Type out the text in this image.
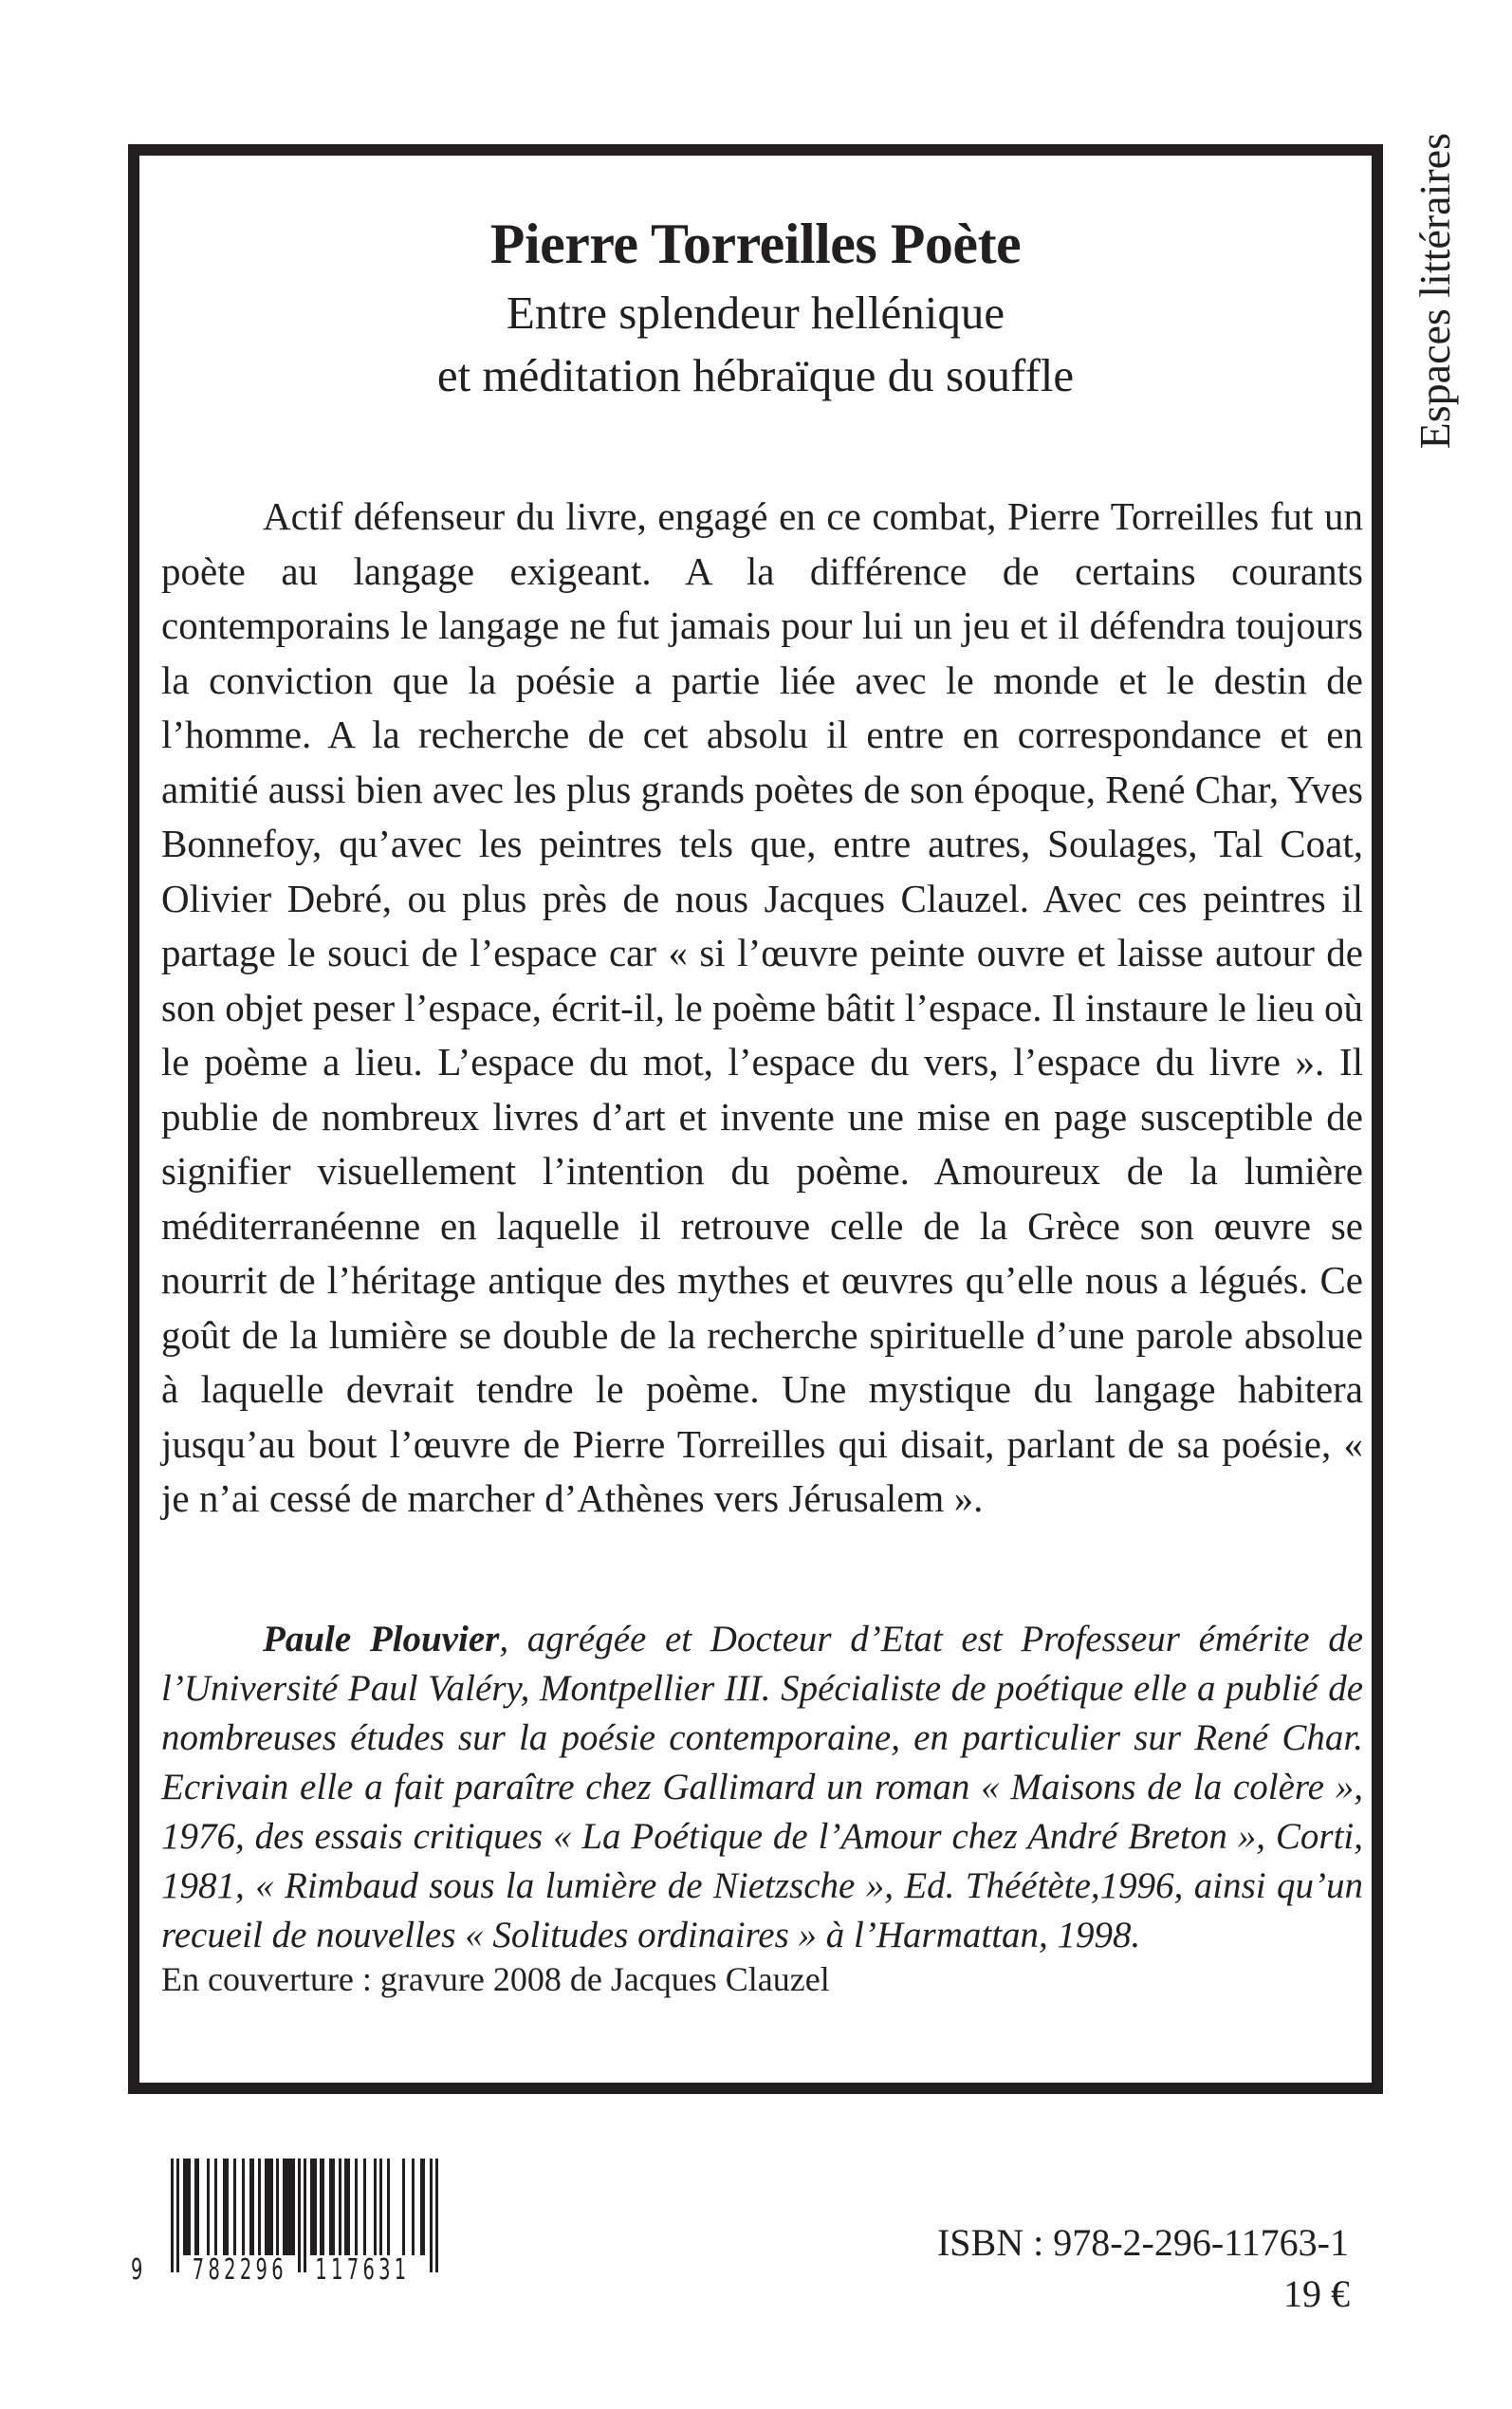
Espaces littéraires
Pierre Torreilles Poète
Entre splendeur hellénique
et méditation hébraïque du souffle
Actif défenseur du livre, engagé en ce combat, Pierre Torreilles fut un poète au langage exigeant. A la différence de certains courants contemporains le langage ne fut jamais pour lui un jeu et il défendra toujours la conviction que la poésie a partie liée avec le monde et le destin de l’homme. A la recherche de cet absolu il entre en correspondance et en amitié aussi bien avec les plus grands poètes de son époque, René Char, Yves Bonnefoy, qu’avec les peintres tels que, entre autres, Soulages, Tal Coat, Olivier Debré, ou plus près de nous Jacques Clauzel. Avec ces peintres il partage le souci de l’espace car « si l’œuvre peinte ouvre et laisse autour de son objet peser l’espace, écrit-il, le poème bâtit l’espace. Il instaure le lieu où le poème a lieu. L’espace du mot, l’espace du vers, l’espace du livre ». Il publie de nombreux livres d’art et invente une mise en page susceptible de signifier visuellement l’intention du poème. Amoureux de la lumière méditerranéenne en laquelle il retrouve celle de la Grèce son œuvre se nourrit de l’héritage antique des mythes et œuvres qu’elle nous a légués. Ce goût de la lumière se double de la recherche spirituelle d’une parole absolue à laquelle devrait tendre le poème. Une mystique du langage habitera jusqu’au bout l’œuvre de Pierre Torreilles qui disait, parlant de sa poésie, « je n’ai cessé de marcher d’Athènes vers Jérusalem ».
Paule Plouvier, agrégée et Docteur d’Etat est Professeur émérite de l’Université Paul Valéry, Montpellier III. Spécialiste de poétique elle a publié de nombreuses études sur la poésie contemporaine, en particulier sur René Char. Ecrivain elle a fait paraître chez Gallimard un roman « Maisons de la colère », 1976, des essais critiques « La Poétique de l’Amour chez André Breton », Corti, 1981, « Rimbaud sous la lumière de Nietzsche », Ed. Théétète,1996, ainsi qu’un recueil de nouvelles « Solitudes ordinaires » à l’Harmattan, 1998.
En couverture : gravure 2008 de Jacques Clauzel
9 782296 117631
ISBN : 978-2-296-11763-1
19 €
